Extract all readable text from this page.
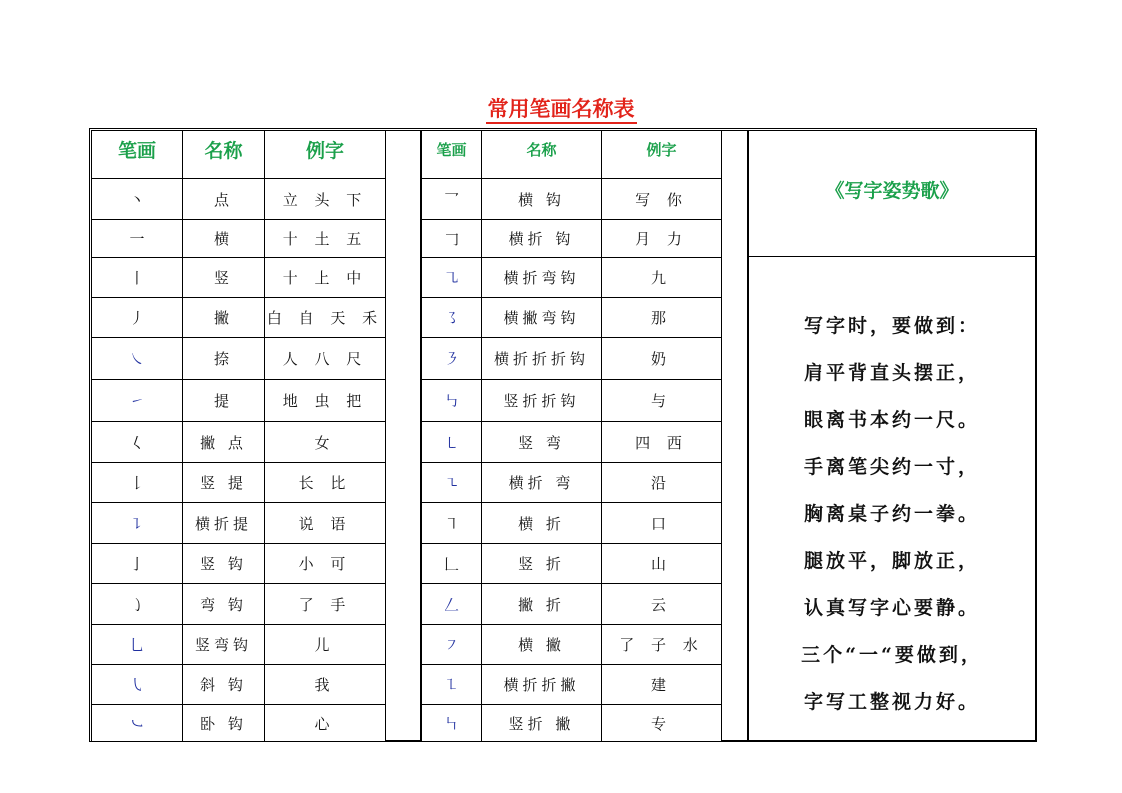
常用笔画名称表
笔画	名称	例字
丶	点	立 头 下
一	横	十 土 五
丨	竖	十 上 中
丿	撇	白 自 天 禾
㇏	捺	人 八 尺
㇀	提	地 虫 把
𡿨	撇 点	女
𠄌	竖 提	长 比
㇊	横折提	说 语
亅	竖 钩	小 可
㇁	弯 钩	了 手
乚	竖弯钩	儿
㇂	斜 钩	我
㇃	卧 钩	心
笔画	名称	例字
乛	横 钩	写 你
𠃌	横折 钩	月 力
㇈	横折弯钩	九
㇌	横撇弯钩	那
㇋	横折折折钩	奶
㇉	竖折折钩	与
㇄	竖 弯	四 西
㇍	横折 弯	沿
㇕	横 折	口
𠃊	竖 折	山
𠃋	撇 折	云
㇇	横 撇	了 子 水
㇅	横折折撇	建
㇞	竖折 撇	专
《写字姿势歌》
写字时，要做到：
肩平背直头摆正，
眼离书本约一尺。
手离笔尖约一寸，
胸离桌子约一拳。
腿放平，脚放正，
认真写字心要静。
三个“一“要做到，
字写工整视力好。
